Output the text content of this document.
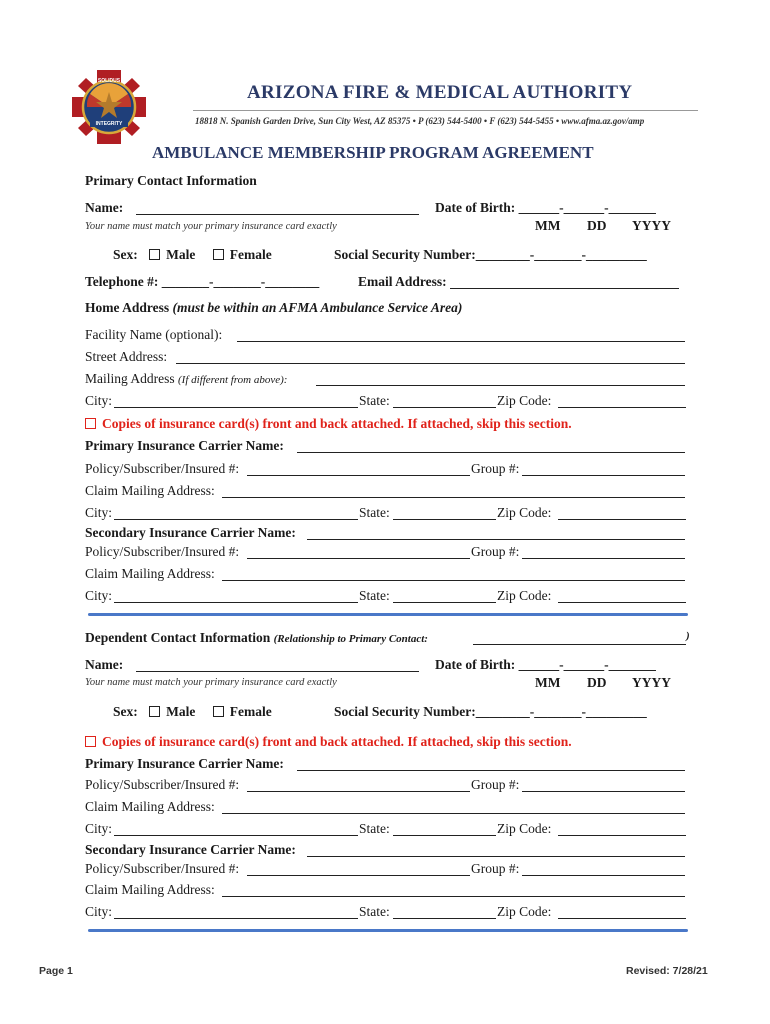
SOLIDUS
INTEGRITY
ARIZONA FIRE & MEDICAL AUTHORITY
18818 N. Spanish Garden Drive, Sun City West, AZ 85375 • P (623) 544-5400 • F (623) 544-5455 • www.afma.az.gov/amp
AMBULANCE MEMBERSHIP PROGRAM AGREEMENT
Primary Contact Information
Name:	Date of Birth: ______-______-_______
Your name must match your primary insurance card exactly	MM DD YYYY
Sex: Male	Female	Social Security Number:________-_______-_________
Telephone #: _______-_______-________	Email Address:
Home Address (must be within an AFMA Ambulance Service Area)
Facility Name (optional):
Street Address:
Mailing Address (If different from above):
City:	State:	Zip Code:
Copies of insurance card(s) front and back attached. If attached, skip this section.
Primary Insurance Carrier Name:
Policy/Subscriber/Insured #:	Group #:
Claim Mailing Address:
City:	State:	Zip Code:
Secondary Insurance Carrier Name:
Policy/Subscriber/Insured #:	Group #:
Claim Mailing Address:
City:	State:	Zip Code:
Dependent Contact Information (Relationship to Primary Contact:	)
Name:	Date of Birth: ______-______-_______
Your name must match your primary insurance card exactly	MM DD YYYY
Sex: Male	Female	Social Security Number:________-_______-_________
Copies of insurance card(s) front and back attached. If attached, skip this section.
Primary Insurance Carrier Name:
Policy/Subscriber/Insured #:	Group #:
Claim Mailing Address:
City:	State:	Zip Code:
Secondary Insurance Carrier Name:
Policy/Subscriber/Insured #:	Group #:
Claim Mailing Address:
City:	State:	Zip Code:
Page 1	Revised: 7/28/21
